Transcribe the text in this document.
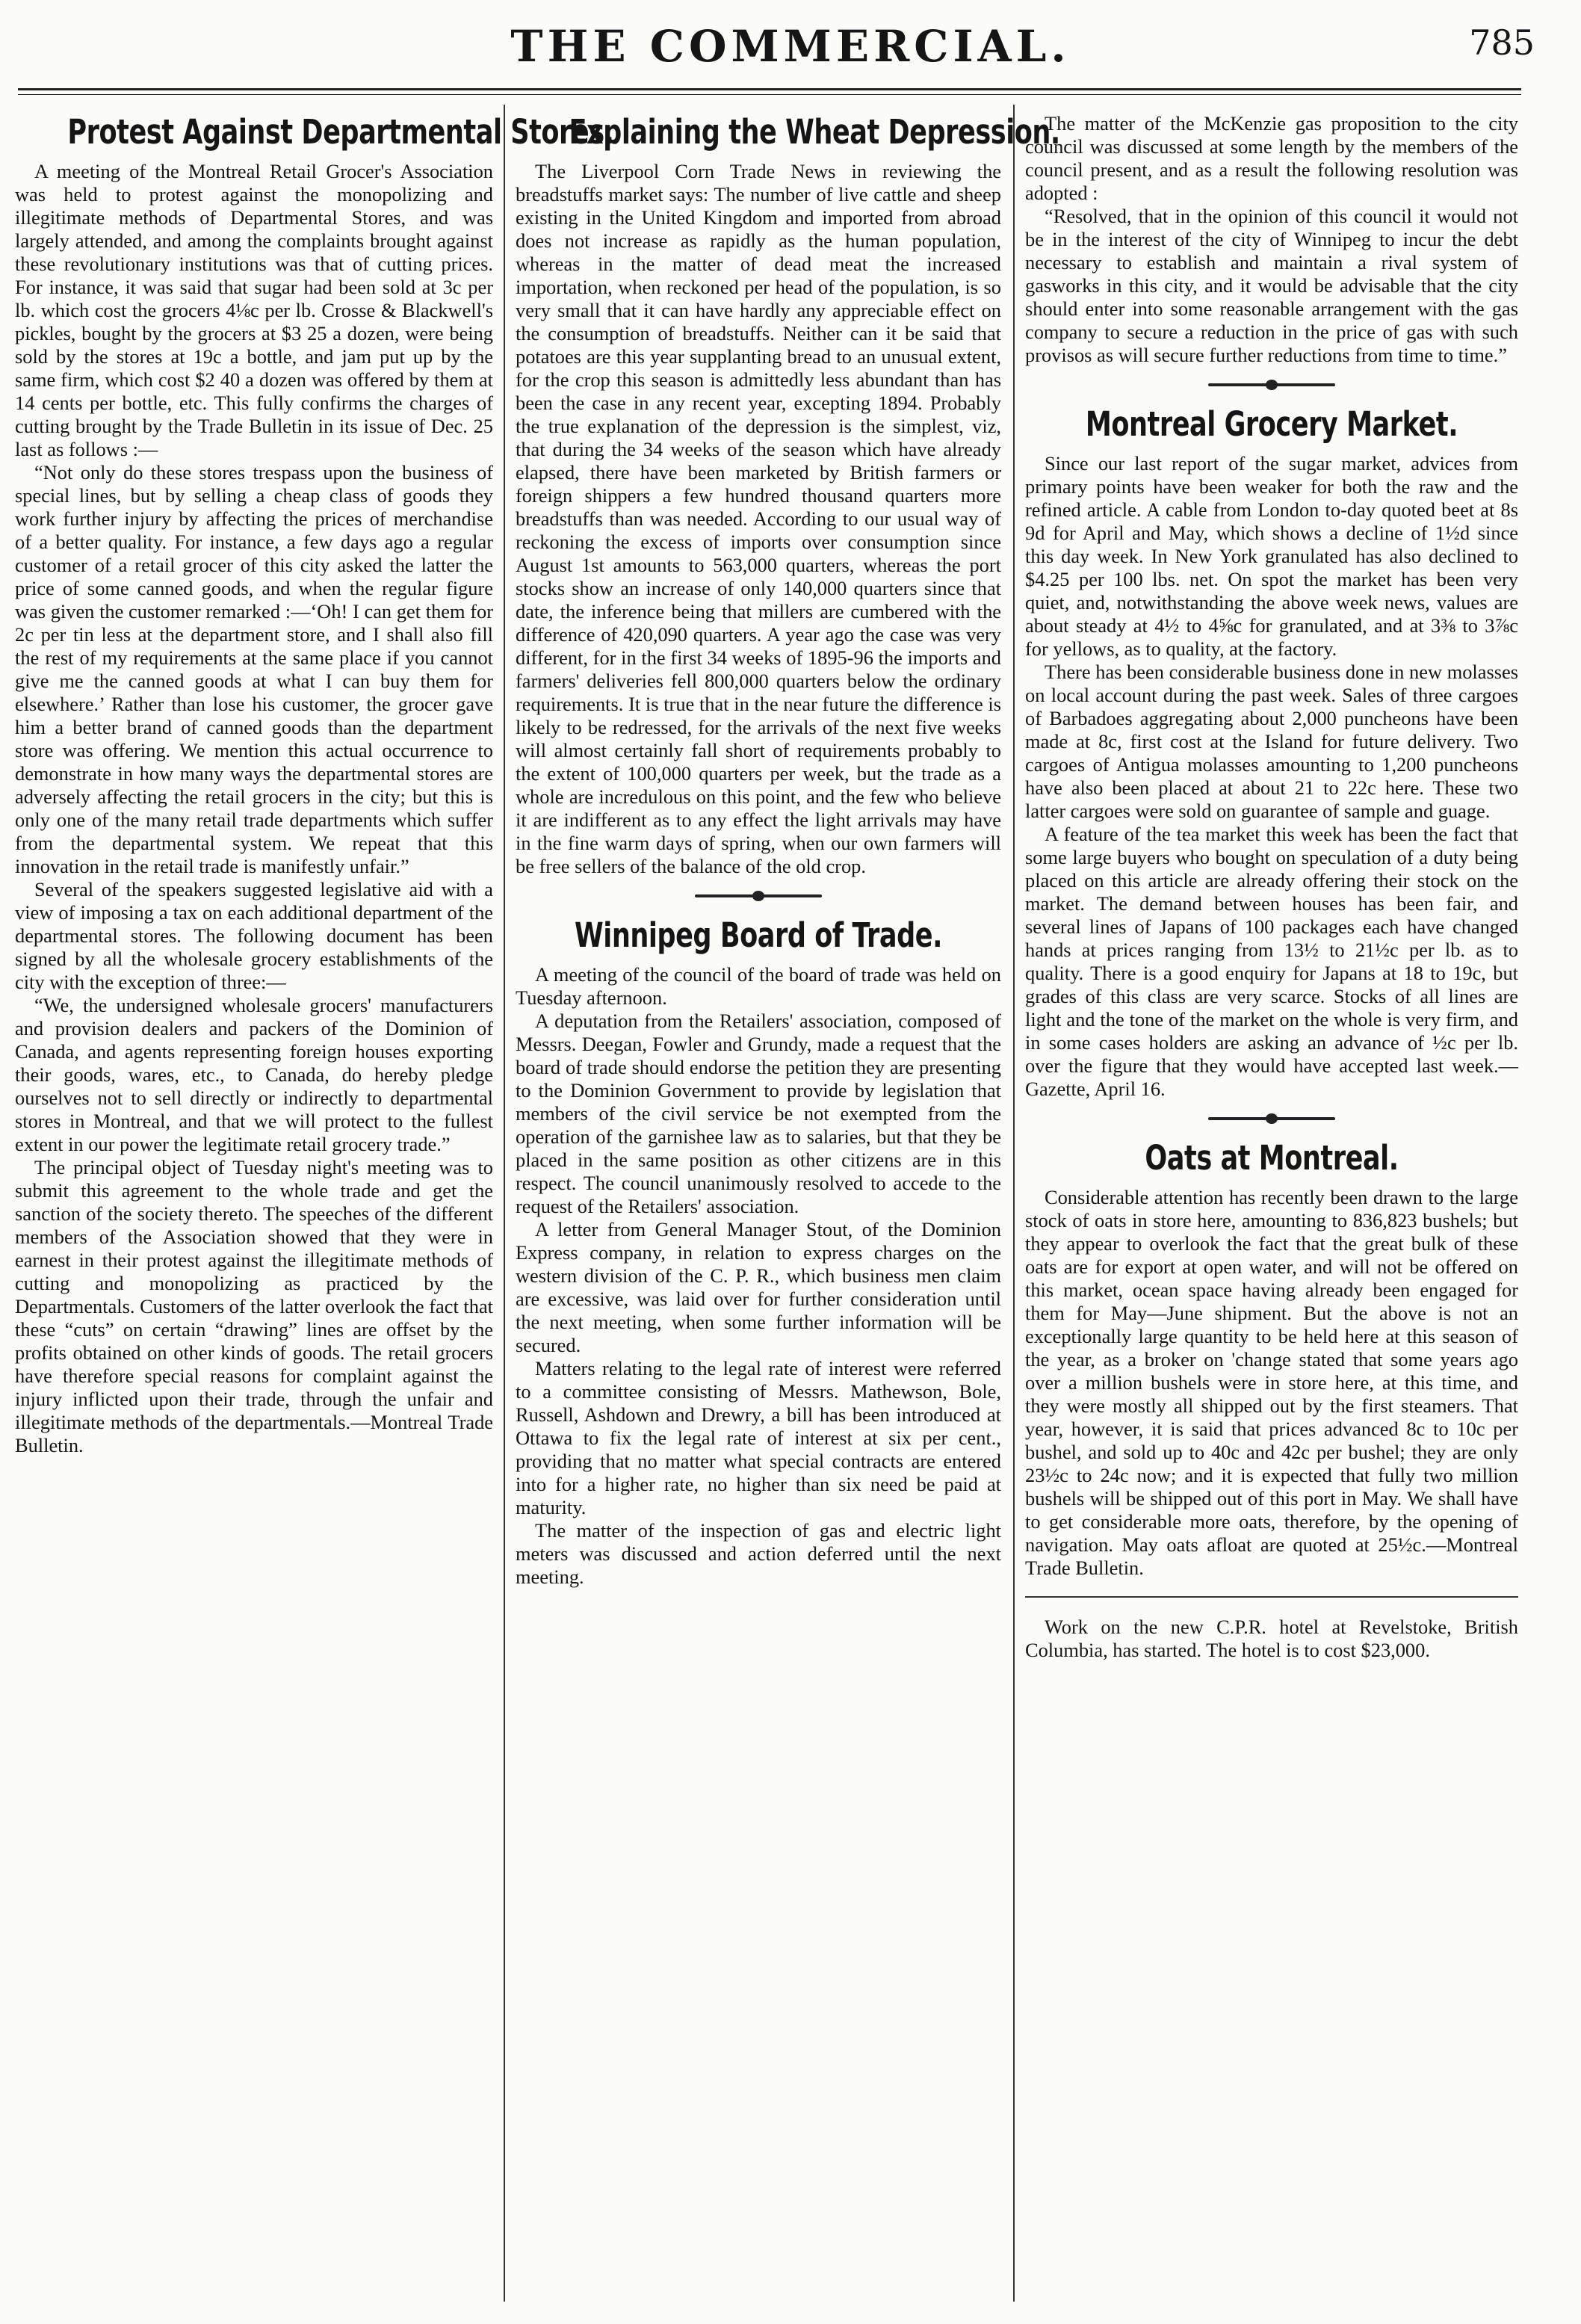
THE COMMERCIAL.	785
Protest Against Departmental Stores.

A meeting of the Montreal Retail Grocer's Association was held to protest against the monopolizing and illegitimate methods of Departmental Stores, and was largely attended, and among the complaints brought against these revolutionary institutions was that of cutting prices. For instance, it was said that sugar had been sold at 3c per lb. which cost the grocers 4⅛c per lb. Crosse & Blackwell's pickles, bought by the grocers at $3 25 a dozen, were being sold by the stores at 19c a bottle, and jam put up by the same firm, which cost $2 40 a dozen was offered by them at 14 cents per bottle, etc. This fully confirms the charges of cutting brought by the Trade Bulletin in its issue of Dec. 25 last as follows :—

“Not only do these stores trespass upon the business of special lines, but by selling a cheap class of goods they work further injury by affecting the prices of merchandise of a better quality. For instance, a few days ago a regular customer of a retail grocer of this city asked the latter the price of some canned goods, and when the regular figure was given the customer remarked :—‘Oh! I can get them for 2c per tin less at the department store, and I shall also fill the rest of my requirements at the same place if you cannot give me the canned goods at what I can buy them for elsewhere.’ Rather than lose his customer, the grocer gave him a better brand of canned goods than the department store was offering. We mention this actual occurrence to demonstrate in how many ways the departmental stores are adversely affecting the retail grocers in the city; but this is only one of the many retail trade departments which suffer from the departmental system. We repeat that this innovation in the retail trade is manifestly unfair.”

Several of the speakers suggested legislative aid with a view of imposing a tax on each additional department of the departmental stores. The following document has been signed by all the wholesale grocery establishments of the city with the exception of three:—

“We, the undersigned wholesale grocers' manufacturers and provision dealers and packers of the Dominion of Canada, and agents representing foreign houses exporting their goods, wares, etc., to Canada, do hereby pledge ourselves not to sell directly or indirectly to departmental stores in Montreal, and that we will protect to the fullest extent in our power the legitimate retail grocery trade.”

The principal object of Tuesday night's meeting was to submit this agreement to the whole trade and get the sanction of the society thereto. The speeches of the different members of the Association showed that they were in earnest in their protest against the illegitimate methods of cutting and monopolizing as practiced by the Departmentals. Customers of the latter overlook the fact that these “cuts” on certain “drawing” lines are offset by the profits obtained on other kinds of goods. The retail grocers have therefore special reasons for complaint against the injury inflicted upon their trade, through the unfair and illegitimate methods of the departmentals.—Montreal Trade Bulletin.

Explaining the Wheat Depression.

The Liverpool Corn Trade News in reviewing the breadstuffs market says: The number of live cattle and sheep existing in the United Kingdom and imported from abroad does not increase as rapidly as the human population, whereas in the matter of dead meat the increased importation, when reckoned per head of the population, is so very small that it can have hardly any appreciable effect on the consumption of breadstuffs. Neither can it be said that potatoes are this year supplanting bread to an unusual extent, for the crop this season is admittedly less abundant than has been the case in any recent year, excepting 1894. Probably the true explanation of the depression is the simplest, viz, that during the 34 weeks of the season which have already elapsed, there have been marketed by British farmers or foreign shippers a few hundred thousand quarters more breadstuffs than was needed. According to our usual way of reckoning the excess of imports over consumption since August 1st amounts to 563,000 quarters, whereas the port stocks show an increase of only 140,000 quarters since that date, the inference being that millers are cumbered with the difference of 420,090 quarters. A year ago the case was very different, for in the first 34 weeks of 1895-96 the imports and farmers' deliveries fell 800,000 quarters below the ordinary requirements. It is true that in the near future the difference is likely to be redressed, for the arrivals of the next five weeks will almost certainly fall short of requirements probably to the extent of 100,000 quarters per week, but the trade as a whole are incredulous on this point, and the few who believe it are indifferent as to any effect the light arrivals may have in the fine warm days of spring, when our own farmers will be free sellers of the balance of the old crop.

Winnipeg Board of Trade.

A meeting of the council of the board of trade was held on Tuesday afternoon.

A deputation from the Retailers' association, composed of Messrs. Deegan, Fowler and Grundy, made a request that the board of trade should endorse the petition they are presenting to the Dominion Government to provide by legislation that members of the civil service be not exempted from the operation of the garnishee law as to salaries, but that they be placed in the same position as other citizens are in this respect. The council unanimously resolved to accede to the request of the Retailers' association.

A letter from General Manager Stout, of the Dominion Express company, in relation to express charges on the western division of the C. P. R., which business men claim are excessive, was laid over for further consideration until the next meeting, when some further information will be secured.

Matters relating to the legal rate of interest were referred to a committee consisting of Messrs. Mathewson, Bole, Russell, Ashdown and Drewry, a bill has been introduced at Ottawa to fix the legal rate of interest at six per cent., providing that no matter what special contracts are entered into for a higher rate, no higher than six need be paid at maturity.

The matter of the inspection of gas and electric light meters was discussed and action deferred until the next meeting.

The matter of the McKenzie gas proposition to the city council was discussed at some length by the members of the council present, and as a result the following resolution was adopted :

“Resolved, that in the opinion of this council it would not be in the interest of the city of Winnipeg to incur the debt necessary to establish and maintain a rival system of gasworks in this city, and it would be advisable that the city should enter into some reasonable arrangement with the gas company to secure a reduction in the price of gas with such provisos as will secure further reductions from time to time.”

Montreal Grocery Market.

Since our last report of the sugar market, advices from primary points have been weaker for both the raw and the refined article. A cable from London to-day quoted beet at 8s 9d for April and May, which shows a decline of 1½d since this day week. In New York granulated has also declined to $4.25 per 100 lbs. net. On spot the market has been very quiet, and, notwithstanding the above week news, values are about steady at 4½ to 4⅝c for granulated, and at 3⅜ to 3⅞c for yellows, as to quality, at the factory.

There has been considerable business done in new molasses on local account during the past week. Sales of three cargoes of Barbadoes aggregating about 2,000 puncheons have been made at 8c, first cost at the Island for future delivery. Two cargoes of Antigua molasses amounting to 1,200 puncheons have also been placed at about 21 to 22c here. These two latter cargoes were sold on guarantee of sample and guage.

A feature of the tea market this week has been the fact that some large buyers who bought on speculation of a duty being placed on this article are already offering their stock on the market. The demand between houses has been fair, and several lines of Japans of 100 packages each have changed hands at prices ranging from 13½ to 21½c per lb. as to quality. There is a good enquiry for Japans at 18 to 19c, but grades of this class are very scarce. Stocks of all lines are light and the tone of the market on the whole is very firm, and in some cases holders are asking an advance of ½c per lb. over the figure that they would have accepted last week.—Gazette, April 16.

Oats at Montreal.

Considerable attention has recently been drawn to the large stock of oats in store here, amounting to 836,823 bushels; but they appear to overlook the fact that the great bulk of these oats are for export at open water, and will not be offered on this market, ocean space having already been engaged for them for May—June shipment. But the above is not an exceptionally large quantity to be held here at this season of the year, as a broker on 'change stated that some years ago over a million bushels were in store here, at this time, and they were mostly all shipped out by the first steamers. That year, however, it is said that prices advanced 8c to 10c per bushel, and sold up to 40c and 42c per bushel; they are only 23½c to 24c now; and it is expected that fully two million bushels will be shipped out of this port in May. We shall have to get considerable more oats, therefore, by the opening of navigation. May oats afloat are quoted at 25½c.—Montreal Trade Bulletin.

Work on the new C.P.R. hotel at Revelstoke, British Columbia, has started. The hotel is to cost $23,000.
